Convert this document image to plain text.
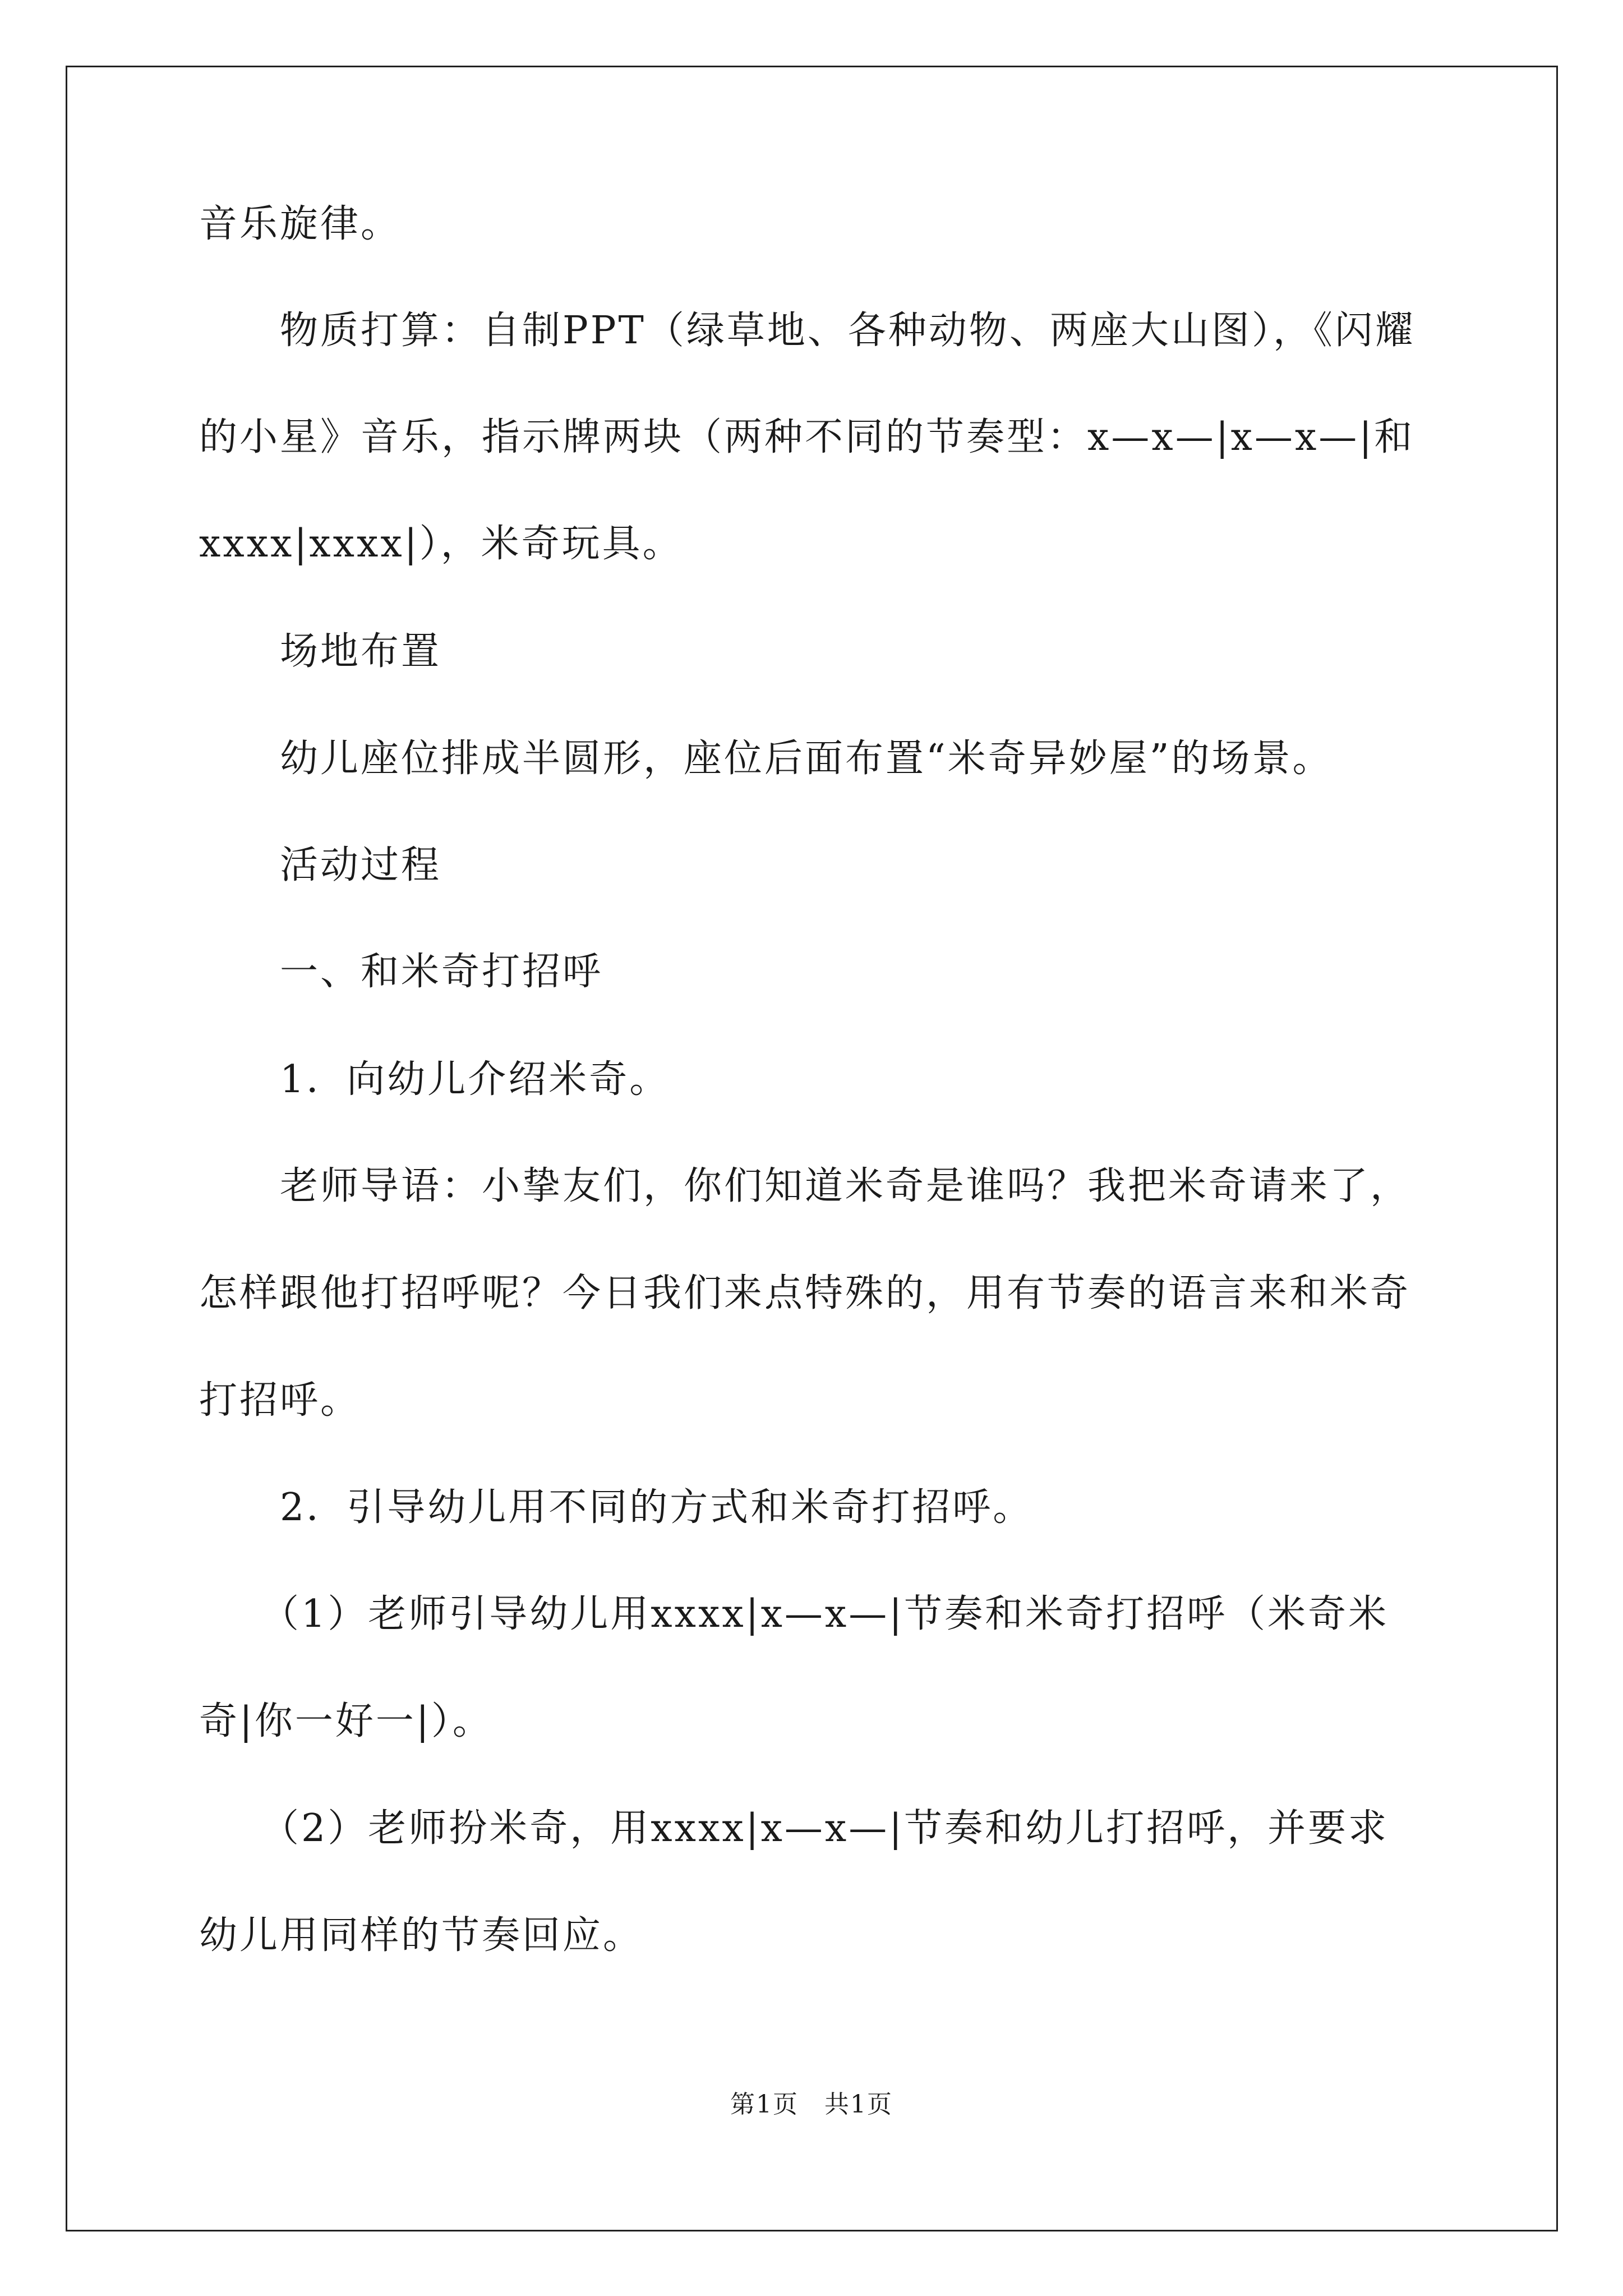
音乐旋律。
　　物质打算：自制PPT（绿草地、各种动物、两座大山图），《闪耀
的小星》音乐，指示牌两块（两种不同的节奏型：x—x—|x—x—|和
xxxx|xxxx|），米奇玩具。
　　场地布置
　　幼儿座位排成半圆形，座位后面布置“米奇异妙屋”的场景。
　　活动过程
　　一、和米奇打招呼
　　1．向幼儿介绍米奇。
　　老师导语：小挚友们，你们知道米奇是谁吗？我把米奇请来了，
怎样跟他打招呼呢？今日我们来点特殊的，用有节奏的语言来和米奇
打招呼。
　　2．引导幼儿用不同的方式和米奇打招呼。
　　（1）老师引导幼儿用xxxx|x—x—|节奏和米奇打招呼（米奇米
奇|你一好一|）。
　　（2）老师扮米奇，用xxxx|x—x—|节奏和幼儿打招呼，并要求
幼儿用同样的节奏回应。
第1页　共1页
